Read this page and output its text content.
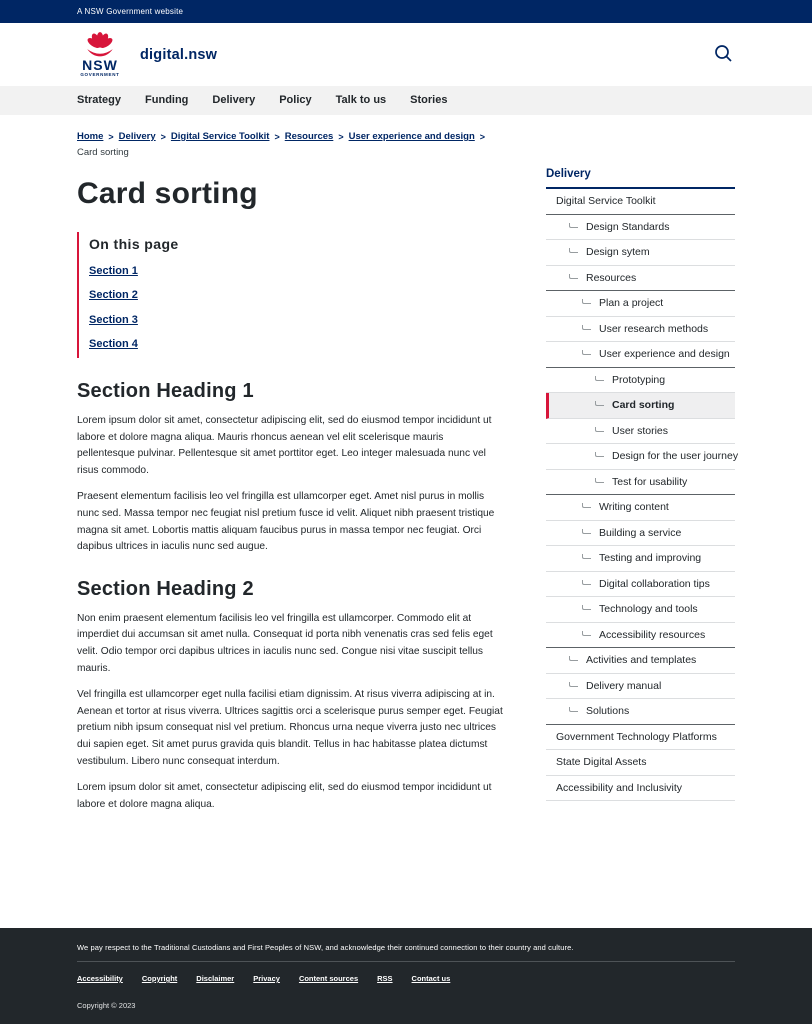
A NSW Government website
NSW
GOVERNMENT
digital.nsw
Strategy Funding Delivery Policy Talk to us Stories
Home > Delivery > Digital Service Toolkit > Resources > User experience and design >
Card sorting
Card sorting
On this page
Section 1
Section 2
Section 3
Section 4
Section Heading 1

Lorem ipsum dolor sit amet, consectetur adipiscing elit, sed do eiusmod tempor incididunt ut labore et dolore magna aliqua. Mauris rhoncus aenean vel elit scelerisque mauris pellentesque pulvinar. Pellentesque sit amet porttitor eget. Leo integer malesuada nunc vel risus commodo.

Praesent elementum facilisis leo vel fringilla est ullamcorper eget. Amet nisl purus in mollis nunc sed. Massa tempor nec feugiat nisl pretium fusce id velit. Aliquet nibh praesent tristique magna sit amet. Lobortis mattis aliquam faucibus purus in massa tempor nec feugiat. Orci dapibus ultrices in iaculis nunc sed augue.

Section Heading 2

Non enim praesent elementum facilisis leo vel fringilla est ullamcorper. Commodo elit at imperdiet dui accumsan sit amet nulla. Consequat id porta nibh venenatis cras sed felis eget velit. Odio tempor orci dapibus ultrices in iaculis nunc sed. Congue nisi vitae suscipit tellus mauris.

Vel fringilla est ullamcorper eget nulla facilisi etiam dignissim. At risus viverra adipiscing at in. Aenean et tortor at risus viverra. Ultrices sagittis orci a scelerisque purus semper eget. Feugiat pretium nibh ipsum consequat nisl vel pretium. Rhoncus urna neque viverra justo nec ultrices dui sapien eget. Sit amet purus gravida quis blandit. Tellus in hac habitasse platea dictumst vestibulum. Libero nunc consequat interdum.

Lorem ipsum dolor sit amet, consectetur adipiscing elit, sed do eiusmod tempor incididunt ut labore et dolore magna aliqua.

Delivery
Digital Service Toolkit
Design Standards
Design sytem
Resources
Plan a project
User research methods
User experience and design
Prototyping
Card sorting
User stories
Design for the user journey
Test for usability
Writing content
Building a service
Testing and improving
Digital collaboration tips
Technology and tools
Accessibility resources
Activities and templates
Delivery manual
Solutions
Government Technology Platforms
State Digital Assets
Accessibility and Inclusivity
We pay respect to the Traditional Custodians and First Peoples of NSW, and acknowledge their continued connection to their country and culture.
Accessibility	Copyright	Disclaimer	Privacy	Content sources	RSS	Contact us
Copyright © 2023
